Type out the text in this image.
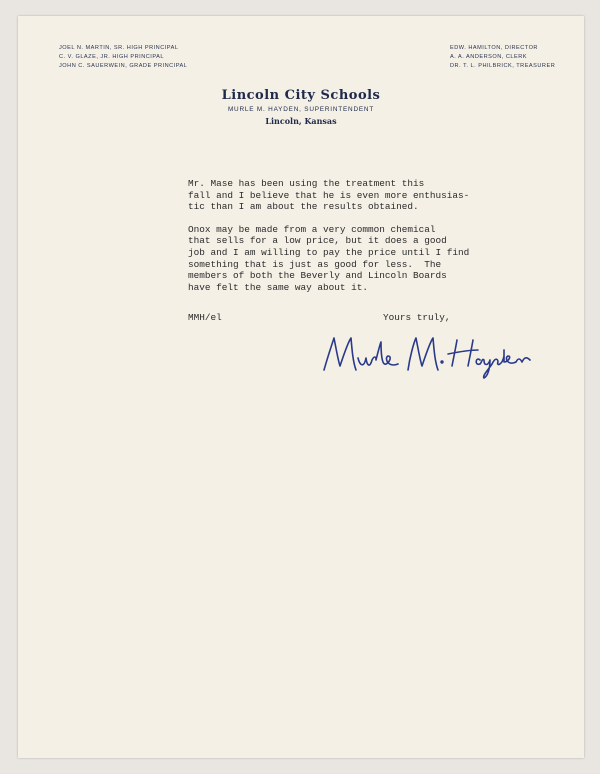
JOEL N. MARTIN, SR. HIGH PRINCIPAL
C. V. GLAZE, JR. HIGH PRINCIPAL
JOHN C. SAUERWEIN, GRADE PRINCIPAL
EDW. HAMILTON, DIRECTOR
A. A. ANDERSON, CLERK
DR. T. L. PHILBRICK, TREASURER
Lincoln City Schools
MURLE M. HAYDEN, SUPERINTENDENT
Lincoln, Kansas
Mr. Mase has been using the treatment this
fall and I believe that he is even more enthusias-
tic than I am about the results obtained.
Onox may be made from a very common chemical
that sells for a low price, but it does a good
job and I am willing to pay the price until I find
something that is just as good for less.  The
members of both the Beverly and Lincoln Boards
have felt the same way about it.
MMH/el	Yours truly,
